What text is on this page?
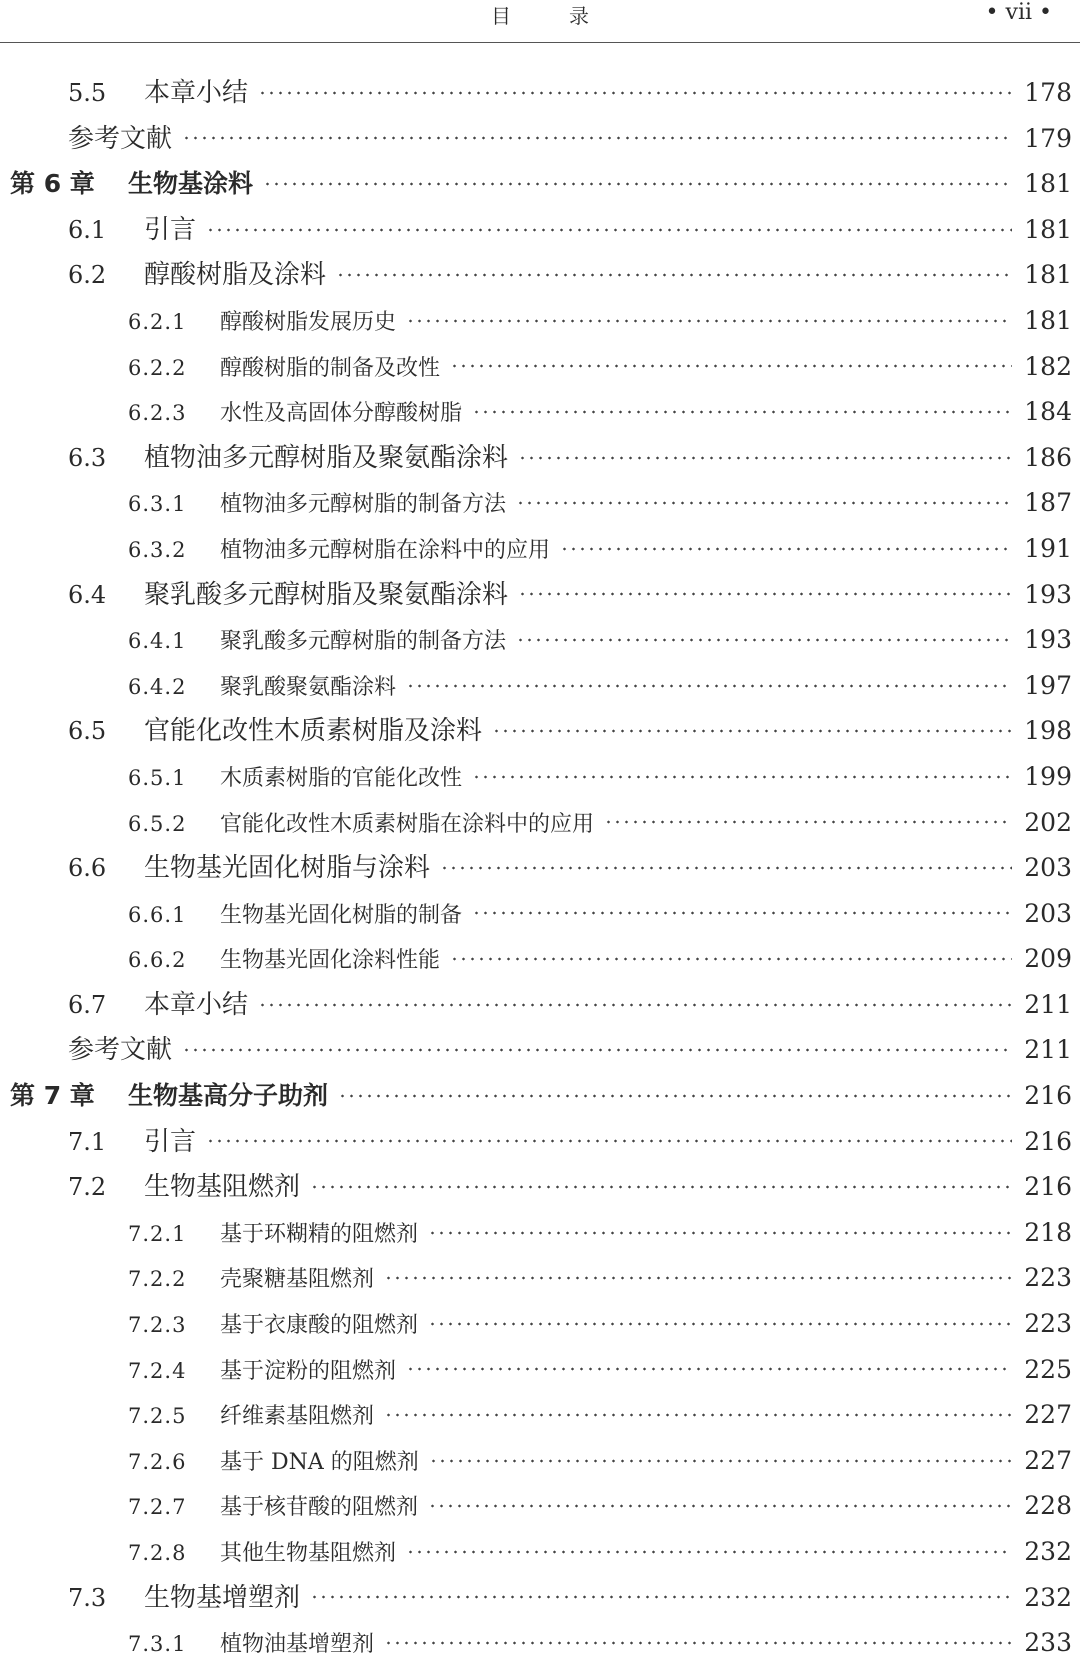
目录	• vii •
5.5	本章小结	178
参考文献	179
第 6 章	生物基涂料	181
6.1	引言	181
6.2	醇酸树脂及涂料	181
6.2.1	醇酸树脂发展历史	181
6.2.2	醇酸树脂的制备及改性	182
6.2.3	水性及高固体分醇酸树脂	184
6.3	植物油多元醇树脂及聚氨酯涂料	186
6.3.1	植物油多元醇树脂的制备方法	187
6.3.2	植物油多元醇树脂在涂料中的应用	191
6.4	聚乳酸多元醇树脂及聚氨酯涂料	193
6.4.1	聚乳酸多元醇树脂的制备方法	193
6.4.2	聚乳酸聚氨酯涂料	197
6.5	官能化改性木质素树脂及涂料	198
6.5.1	木质素树脂的官能化改性	199
6.5.2	官能化改性木质素树脂在涂料中的应用	202
6.6	生物基光固化树脂与涂料	203
6.6.1	生物基光固化树脂的制备	203
6.6.2	生物基光固化涂料性能	209
6.7	本章小结	211
参考文献	211
第 7 章	生物基高分子助剂	216
7.1	引言	216
7.2	生物基阻燃剂	216
7.2.1	基于环糊精的阻燃剂	218
7.2.2	壳聚糖基阻燃剂	223
7.2.3	基于衣康酸的阻燃剂	223
7.2.4	基于淀粉的阻燃剂	225
7.2.5	纤维素基阻燃剂	227
7.2.6	基于 DNA 的阻燃剂	227
7.2.7	基于核苷酸的阻燃剂	228
7.2.8	其他生物基阻燃剂	232
7.3	生物基增塑剂	232
7.3.1	植物油基增塑剂	233
